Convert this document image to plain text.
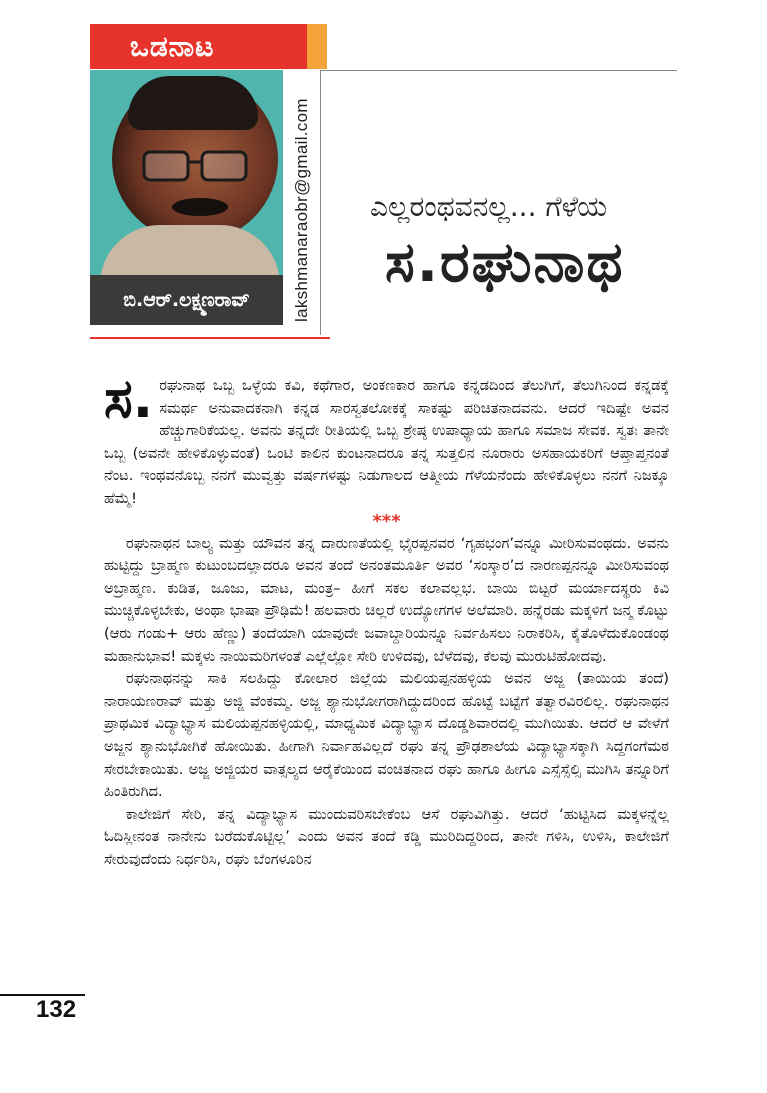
ಒಡನಾಟ
ಬಿ.ಆರ್.ಲಕ್ಷ್ಮಣರಾವ್	lakshmanaraobr@gmail.com ಎಲ್ಲರಂಥವನಲ್ಲ... ಗೆಳೆಯ
ಸ.ರಘುನಾಥ

ಸ. ರಘುನಾಥ ಒಬ್ಬ ಒಳ್ಳೆಯ ಕವಿ, ಕಥೆಗಾರ, ಅಂಕಣಕಾರ ಹಾಗೂ ಕನ್ನಡದಿಂದ ತೆಲುಗಿಗೆ, ತೆಲುಗಿನಿಂದ ಕನ್ನಡಕ್ಕೆ ಸಮರ್ಥ ಅನುವಾದಕನಾಗಿ ಕನ್ನಡ ಸಾರಸ್ವತಲೋಕಕ್ಕೆ ಸಾಕಷ್ಟು ಪರಿಚಿತನಾದವನು. ಆದರೆ ಇದಿಷ್ಟೇ ಅವನ ಹೆಚ್ಚುಗಾರಿಕೆಯಲ್ಲ. ಅವನು ತನ್ನದೇ ರೀತಿಯಲ್ಲಿ ಒಬ್ಬ ಶ್ರೇಷ್ಠ ಉಪಾಧ್ಯಾಯ ಹಾಗೂ ಸಮಾಜ ಸೇವಕ. ಸ್ವತಃ ತಾನೇ ಒಬ್ಬ (ಅವನೇ ಹೇಳಿಕೊಳ್ಳುವಂತೆ) ಒಂಟಿ ಕಾಲಿನ ಕುಂಟನಾದರೂ ತನ್ನ ಸುತ್ತಲಿನ ನೂರಾರು ಅಸಹಾಯಕರಿಗೆ ಆಪ್ತಾಪ್ತನಂತೆ ನೆಂಟ. ಇಂಥವನೊಬ್ಬ ನನಗೆ ಮುವ್ವತ್ತು ವರ್ಷಗಳಷ್ಟು ನಿಡುಗಾಲದ ಆತ್ಮೀಯ ಗೆಳೆಯನೆಂದು ಹೇಳಿಕೊಳ್ಳಲು ನನಗೆ ನಿಜಕ್ಕೂ ಹೆಮ್ಮೆ!

***

ರಘುನಾಥನ ಬಾಲ್ಯ ಮತ್ತು ಯೌವನ ತನ್ನ ದಾರುಣತೆಯಲ್ಲಿ ಭೈರಪ್ಪನವರ ‘ಗೃಹಭಂಗ’ವನ್ನೂ ಮೀರಿಸುವಂಥದು. ಅವನು ಹುಟ್ಟಿದ್ದು ಬ್ರಾಹ್ಮಣ ಕುಟುಂಬದಲ್ಲಾದರೂ ಅವನ ತಂದೆ ಅನಂತಮೂರ್ತಿ ಅವರ ‘ಸಂಸ್ಕಾರ’ದ ನಾರಣಪ್ಪನನ್ನೂ ಮೀರಿಸುವಂಥ ಅಬ್ರಾಹ್ಮಣ. ಕುಡಿತ, ಜೂಜು, ಮಾಟ, ಮಂತ್ರ– ಹೀಗೆ ಸಕಲ ಕಲಾವಲ್ಲಭ. ಬಾಯಿ ಬಿಟ್ಟರೆ ಮರ್ಯಾದಸ್ಥರು ಕಿವಿ ಮುಚ್ಚಿಕೊಳ್ಳಬೇಕು, ಅಂಥಾ ಭಾಷಾ ಪ್ರೌಢಿಮೆ! ಹಲವಾರು ಚಿಲ್ಲರೆ ಉದ್ಯೋಗಗಳ ಅಲೆಮಾರಿ. ಹನ್ನೆರಡು ಮಕ್ಕಳಿಗೆ ಜನ್ಮ ಕೊಟ್ಟು (ಆರು ಗಂಡು+ ಆರು ಹೆಣ್ಣು) ತಂದೆಯಾಗಿ ಯಾವುದೇ ಜವಾಬ್ದಾರಿಯನ್ನೂ ನಿರ್ವಹಿಸಲು ನಿರಾಕರಿಸಿ, ಕೈತೊಳೆದುಕೊಂಡಂಥ ಮಹಾನುಭಾವ! ಮಕ್ಕಳು ನಾಯಿಮರಿಗಳಂತೆ ಎಲ್ಲೆಲ್ಲೋ ಸೇರಿ ಉಳಿದವು, ಬೆಳೆದವು, ಕೆಲವು ಮುರುಟಿಹೋದವು.

ರಘುನಾಥನನ್ನು ಸಾಕಿ ಸಲಹಿದ್ದು ಕೋಲಾರ ಜಿಲ್ಲೆಯ ಮಲಿಯಪ್ಪನಹಳ್ಳಿಯ ಅವನ ಅಜ್ಜ (ತಾಯಿಯ ತಂದೆ) ನಾರಾಯಣರಾವ್ ಮತ್ತು ಅಜ್ಜಿ ವೆಂಕಮ್ಮ. ಅಜ್ಜ ಶ್ಯಾನುಭೋಗರಾಗಿದ್ದುದರಿಂದ ಹೊಟ್ಟೆ ಬಟ್ಟೆಗೆ ತತ್ವಾರವಿರಲಿಲ್ಲ. ರಘುನಾಥನ ಪ್ರಾಥಮಿಕ ವಿದ್ಯಾಭ್ಯಾಸ ಮಲಿಯಪ್ಪನಹಳ್ಳಿಯಲ್ಲಿ, ಮಾಧ್ಯಮಿಕ ವಿದ್ಯಾಭ್ಯಾಸ ದೊಡ್ಡಶಿವಾರದಲ್ಲಿ ಮುಗಿಯಿತು. ಆದರೆ ಆ ವೇಳೆಗೆ ಅಜ್ಜನ ಶ್ಯಾನುಭೋಗಿಕೆ ಹೋಯಿತು. ಹೀಗಾಗಿ ನಿರ್ವಾಹವಿಲ್ಲದೆ ರಘು ತನ್ನ ಪ್ರೌಢಶಾಲೆಯ ವಿದ್ಯಾಭ್ಯಾಸಕ್ಕಾಗಿ ಸಿದ್ದಗಂಗೆಮಠ ಸೇರಬೇಕಾಯಿತು. ಅಜ್ಜ ಅಜ್ಜಿಯರ ವಾತ್ಸಲ್ಯದ ಆರೈಕೆಯಿಂದ ವಂಚಿತನಾದ ರಘು ಹಾಗೂ ಹೀಗೂ ಎಸ್ಸೆಸ್ಸೆಲ್ಸಿ ಮುಗಿಸಿ ತನ್ನೂರಿಗೆ ಹಿಂತಿರುಗಿದ.

ಕಾಲೇಜಿಗೆ ಸೇರಿ, ತನ್ನ ವಿದ್ಯಾಭ್ಯಾಸ ಮುಂದುವರಿಸಬೇಕೆಂಬ ಆಸೆ ರಘುವಿಗಿತ್ತು. ಆದರೆ ‘ಹುಟ್ಟಿಸಿದ ಮಕ್ಕಳನ್ನೆಲ್ಲ ಓದಿಸ್ಲೀನಂತ ನಾನೇನು ಬರೆದುಕೊಟ್ಟಿಲ್ಲ’ ಎಂದು ಅವನ ತಂದೆ ಕಡ್ಡಿ ಮುರಿದಿದ್ದರಿಂದ, ತಾನೇ ಗಳಿಸಿ, ಉಳಿಸಿ, ಕಾಲೇಜಿಗೆ ಸೇರುವುದೆಂದು ನಿರ್ಧರಿಸಿ, ರಘು ಬೆಂಗಳೂರಿನ

132
